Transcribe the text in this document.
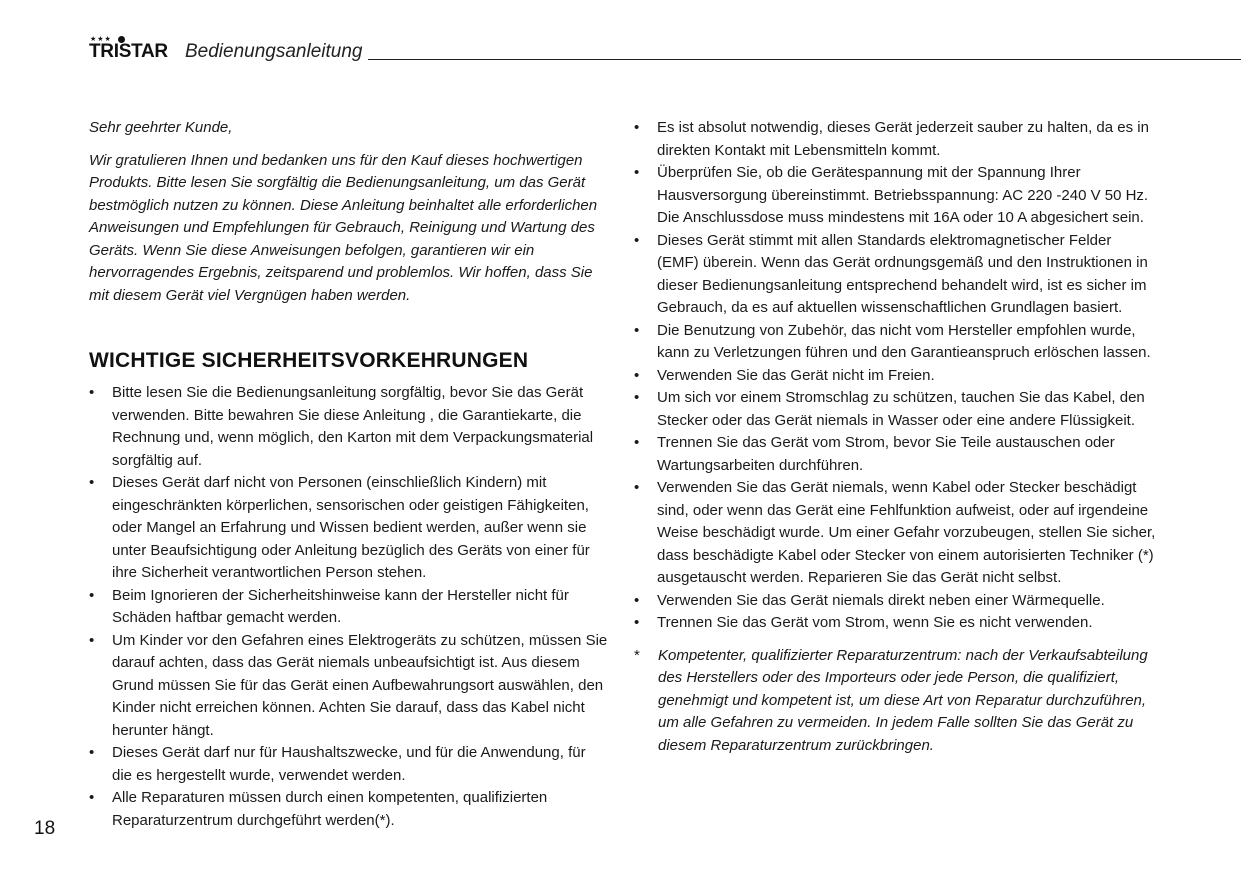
★★★
TRISTAR Bedienungsanleitung

Sehr geehrter Kunde,

Wir gratulieren Ihnen und bedanken uns für den Kauf dieses hochwertigen Produkts. Bitte lesen Sie sorgfältig die Bedienungsanleitung, um das Gerät bestmöglich nutzen zu können. Diese Anleitung beinhaltet alle erforderlichen Anweisungen und Empfehlungen für Gebrauch, Reinigung und Wartung des Geräts. Wenn Sie diese Anweisungen befolgen, garantieren wir ein hervorragendes Ergebnis, zeitsparend und problemlos. Wir hoffen, dass Sie mit diesem Gerät viel Vergnügen haben werden.

WICHTIGE SICHERHEITSVORKEHRUNGEN
•	Bitte lesen Sie die Bedienungsanleitung sorgfältig, bevor Sie das Gerät verwenden. Bitte bewahren Sie diese Anleitung , die Garantiekarte, die Rechnung und, wenn möglich, den Karton mit dem Verpackungsmaterial sorgfältig auf.
•	Dieses Gerät darf nicht von Personen (einschließlich Kindern) mit eingeschränkten körperlichen, sensorischen oder geistigen Fähigkeiten, oder Mangel an Erfahrung und Wissen bedient werden, außer wenn sie unter Beaufsichtigung oder Anleitung bezüglich des Geräts von einer für ihre Sicherheit verantwortlichen Person stehen.
•	Beim Ignorieren der Sicherheitshinweise kann der Hersteller nicht für Schäden haftbar gemacht werden.
•	Um Kinder vor den Gefahren eines Elektrogeräts zu schützen, müssen Sie darauf achten, dass das Gerät niemals unbeaufsichtigt ist. Aus diesem Grund müssen Sie für das Gerät einen Aufbewahrungsort auswählen, den Kinder nicht erreichen können. Achten Sie darauf, dass das Kabel nicht herunter hängt.
•	Dieses Gerät darf nur für Haushaltszwecke, und für die Anwendung, für die es hergestellt wurde, verwendet werden.
•	Alle Reparaturen müssen durch einen kompetenten, qualifizierten Reparaturzentrum durchgeführt werden(*).
•	Es ist absolut notwendig, dieses Gerät jederzeit sauber zu halten, da es in direkten Kontakt mit Lebensmitteln kommt.
•	Überprüfen Sie, ob die Gerätespannung mit der Spannung Ihrer Hausversorgung übereinstimmt. Betriebsspannung: AC 220 -240 V 50 Hz. Die Anschlussdose muss mindestens mit 16A oder 10 A abgesichert sein.
•	Dieses Gerät stimmt mit allen Standards elektromagnetischer Felder (EMF) überein. Wenn das Gerät ordnungsgemäß und den Instruktionen in dieser Bedienungsanleitung entsprechend behandelt wird, ist es sicher im Gebrauch, da es auf aktuellen wissenschaftlichen Grundlagen basiert.
•	Die Benutzung von Zubehör, das nicht vom Hersteller empfohlen wurde, kann zu Verletzungen führen und den Garantieanspruch erlöschen lassen.
•	Verwenden Sie das Gerät nicht im Freien.
•	Um sich vor einem Stromschlag zu schützen, tauchen Sie das Kabel, den Stecker oder das Gerät niemals in Wasser oder eine andere Flüssigkeit.
•	Trennen Sie das Gerät vom Strom, bevor Sie Teile austauschen oder Wartungsarbeiten durchführen.
•	Verwenden Sie das Gerät niemals, wenn Kabel oder Stecker beschädigt sind, oder wenn das Gerät eine Fehlfunktion aufweist, oder auf irgendeine Weise beschädigt wurde. Um einer Gefahr vorzubeugen, stellen Sie sicher, dass beschädigte Kabel oder Stecker von einem autorisierten Techniker (*) ausgetauscht werden. Reparieren Sie das Gerät nicht selbst.
•	Verwenden Sie das Gerät niemals direkt neben einer Wärmequelle.
•	Trennen Sie das Gerät vom Strom, wenn Sie es nicht verwenden.
* Kompetenter, qualifizierter Reparaturzentrum: nach der Verkaufsabteilung des Herstellers oder des Importeurs oder jede Person, die qualifiziert, genehmigt und kompetent ist, um diese Art von Reparatur durchzuführen, um alle Gefahren zu vermeiden. In jedem Falle sollten Sie das Gerät zu diesem Reparaturzentrum zurückbringen.
18
